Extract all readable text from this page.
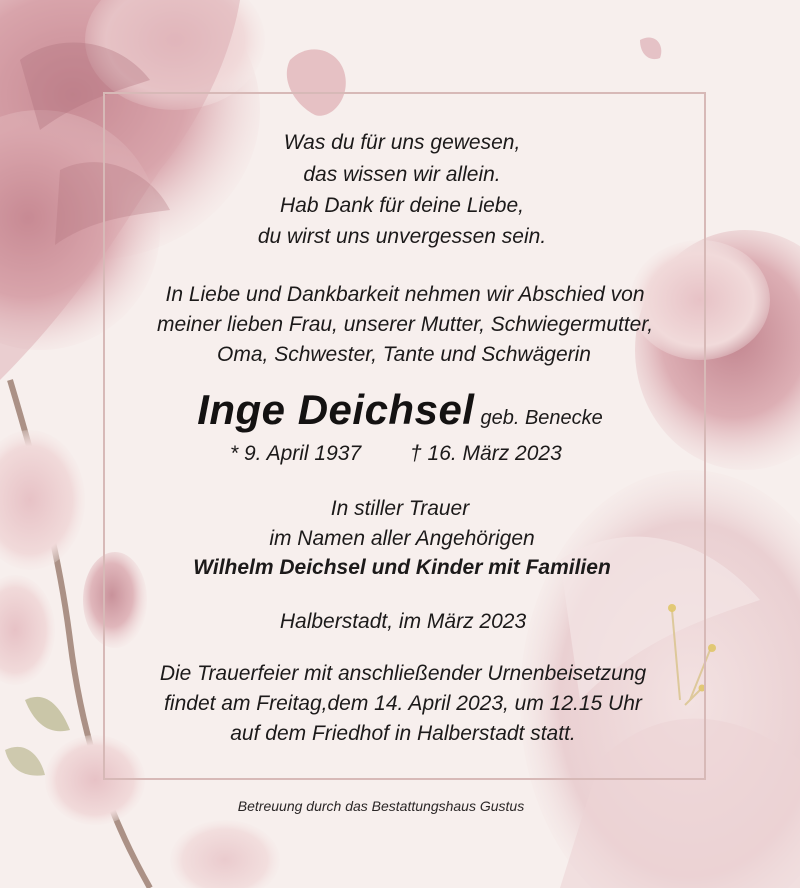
Was du für uns gewesen,
das wissen wir allein.
Hab Dank für deine Liebe,
du wirst uns unvergessen sein.
In Liebe und Dankbarkeit nehmen wir Abschied von
meiner lieben Frau, unserer Mutter, Schwiegermutter,
Oma, Schwester, Tante und Schwägerin
Inge Deichsel geb. Benecke
* 9. April 1937 † 16. März 2023
In stiller Trauer
im Namen aller Angehörigen
Wilhelm Deichsel und Kinder mit Familien
Halberstadt, im März 2023
Die Trauerfeier mit anschließender Urnenbeisetzung
findet am Freitag,dem 14. April 2023, um 12.15 Uhr
auf dem Friedhof in Halberstadt statt.
Betreuung durch das Bestattungshaus Gustus
